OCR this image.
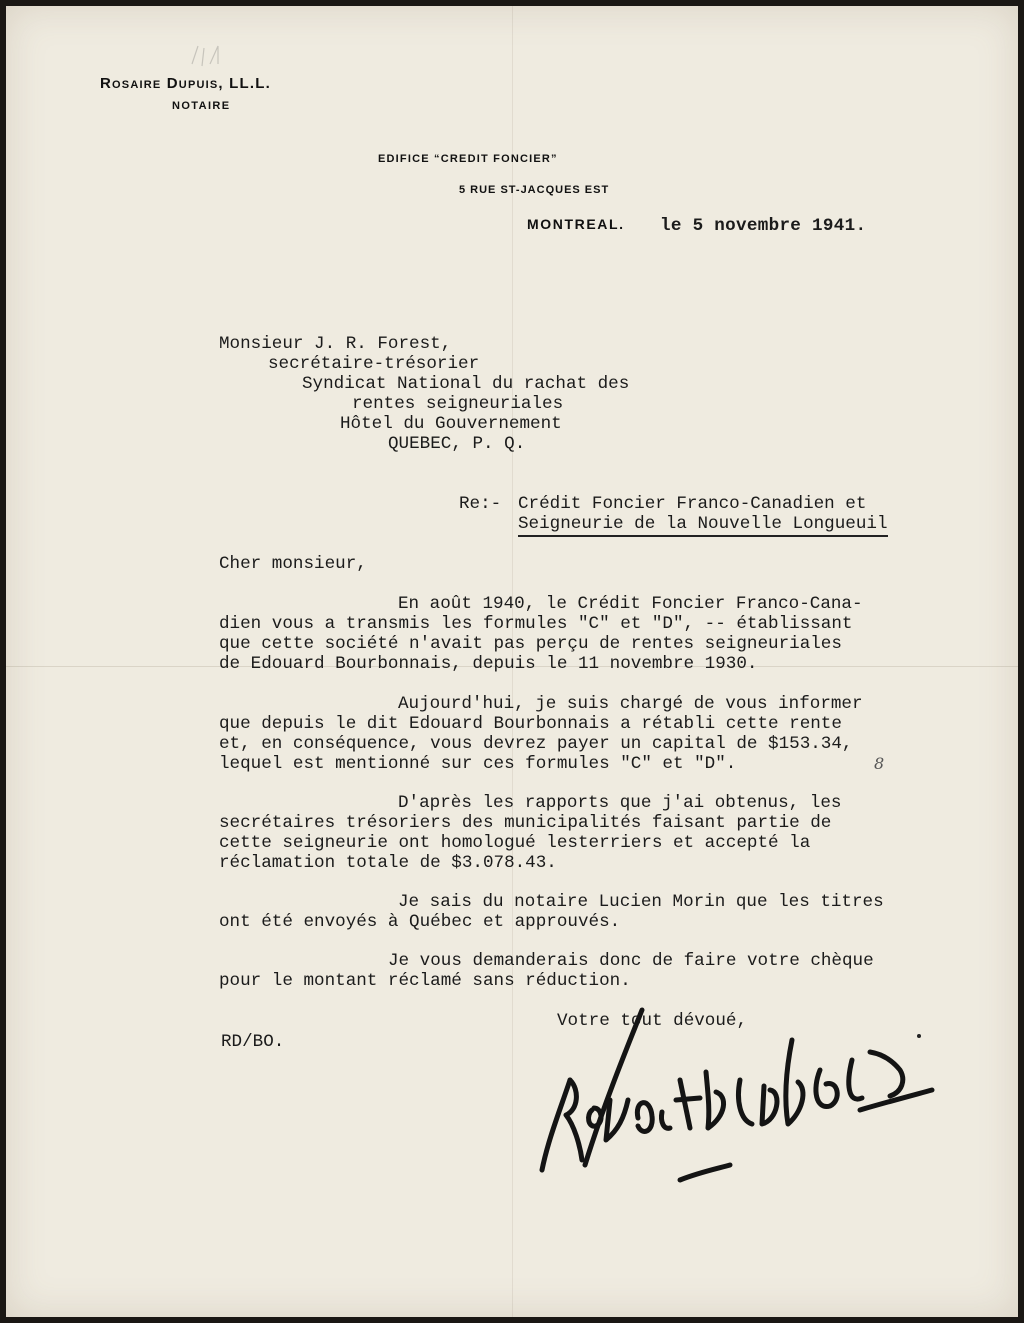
Rosaire Dupuis, LL.L.
NOTAIRE
EDIFICE “CREDIT FONCIER”
5 RUE ST-JACQUES EST
MONTREAL. le 5 novembre 1941.
Monsieur J. R. Forest,
secrétaire-trésorier
Syndicat National du rachat des
rentes seigneuriales
Hôtel du Gouvernement
QUEBEC, P. Q.
Re:- Crédit Foncier Franco-Canadien et
Seigneurie de la Nouvelle Longueuil
Cher monsieur,
En août 1940, le Crédit Foncier Franco-Cana-
dien vous a transmis les formules "C" et "D", -- établissant
que cette société n'avait pas perçu de rentes seigneuriales
de Edouard Bourbonnais, depuis le 11 novembre 1930.
Aujourd'hui, je suis chargé de vous informer
que depuis le dit Edouard Bourbonnais a rétabli cette rente
et, en conséquence, vous devrez payer un capital de $153.34,
lequel est mentionné sur ces formules "C" et "D".	8
D'après les rapports que j'ai obtenus, les
secrétaires trésoriers des municipalités faisant partie de
cette seigneurie ont homologué lesterriers et accepté la
réclamation totale de $3.078.43.
Je sais du notaire Lucien Morin que les titres
ont été envoyés à Québec et approuvés.
Je vous demanderais donc de faire votre chèque
pour le montant réclamé sans réduction.
Votre tout dévoué,
RD/BO.
